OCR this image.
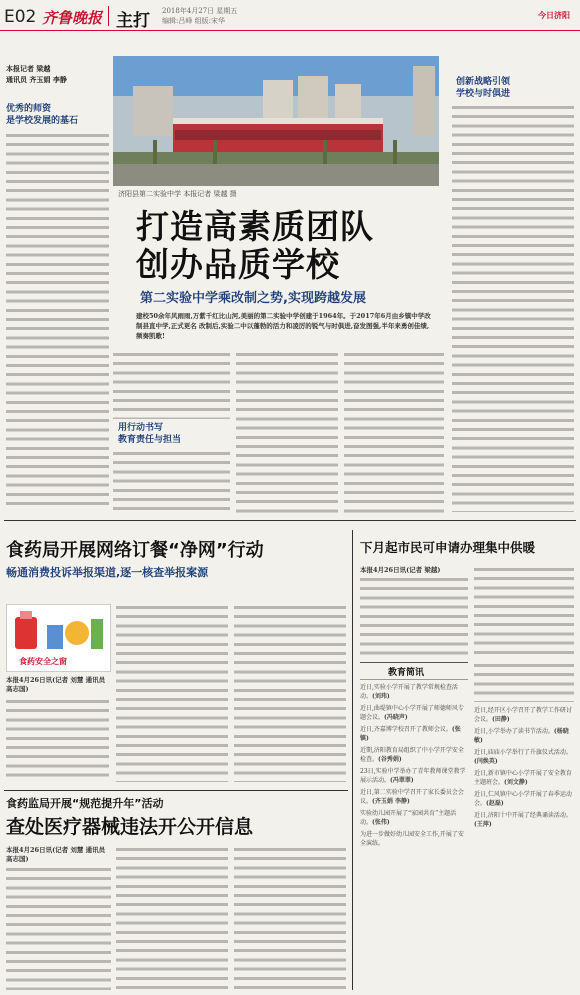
E02 齐鲁晚报 主打 2018年4月27日 星期五
编辑:吕峰 组版:宋华
今日济阳
本报记者 梁越
通讯员 齐玉娟 李静
优秀的师资
是学校发展的基石
济阳县第二实验中学 本报记者 梁越 摄
打造高素质团队
创办品质学校
第二实验中学乘改制之势,实现跨越发展
建校50余年风雨雨,万紫千红比山河,美丽的第二实验中学创建于1964年。于2017年6月由乡镇中学改制县直中学,正式更名 改制后,实验二中以蓬勃的活力和凌厉的锐气与时俱进,奋发图强,半年来勇创佳绩,频奏凯歌!
用行动书写
教育责任与担当
创新战略引领
学校与时俱进
食药局开展网络订餐“净网”行动
畅通消费投诉举报渠道,逐一核查举报案源
食药安全之窗
本报4月26日讯(记者 刘慧 通讯员 高志国)
下月起市民可申请办理集中供暖
本报4月26日讯(记者 梁越)
教育简讯
近日,实验小学开展了教学常规检查活动。(刘玮)
近日,曲堤镇中心小学开展了师德师风专题会议。(冯晓声)
近日,齐嘉博学校召开了教师会议。(张镇)
近期,济阳教育局组织了中小学开学安全检查。(谷秀娟)
23日,实验中学举办了青年教师课堂教学展示活动。(冯翠翠)
近日,第二实验中学召开了家长委员会会议。(齐玉娟 李静)
实验幼儿园开展了“家园共育”主题活动。(张伟)
为进一步做好幼儿园安全工作,开展了安全演练。
近日,经开区小学召开了教学工作研讨会议。(田静)
近日,小学举办了读书节活动。(杨晓敏)
近日,庙庙小学举行了升旗仪式活动。(闫焕英)
近日,新市镇中心小学开展了安全教育主题班会。(刘文静)
近日,仁风镇中心小学开展了春季运动会。(赵磊)
近日,济阳十中开展了经典诵读活动。(王萍)
食药监局开展“规范提升年”活动
查处医疗器械违法开公开信息
本报4月26日讯(记者 刘慧 通讯员 高志国)
